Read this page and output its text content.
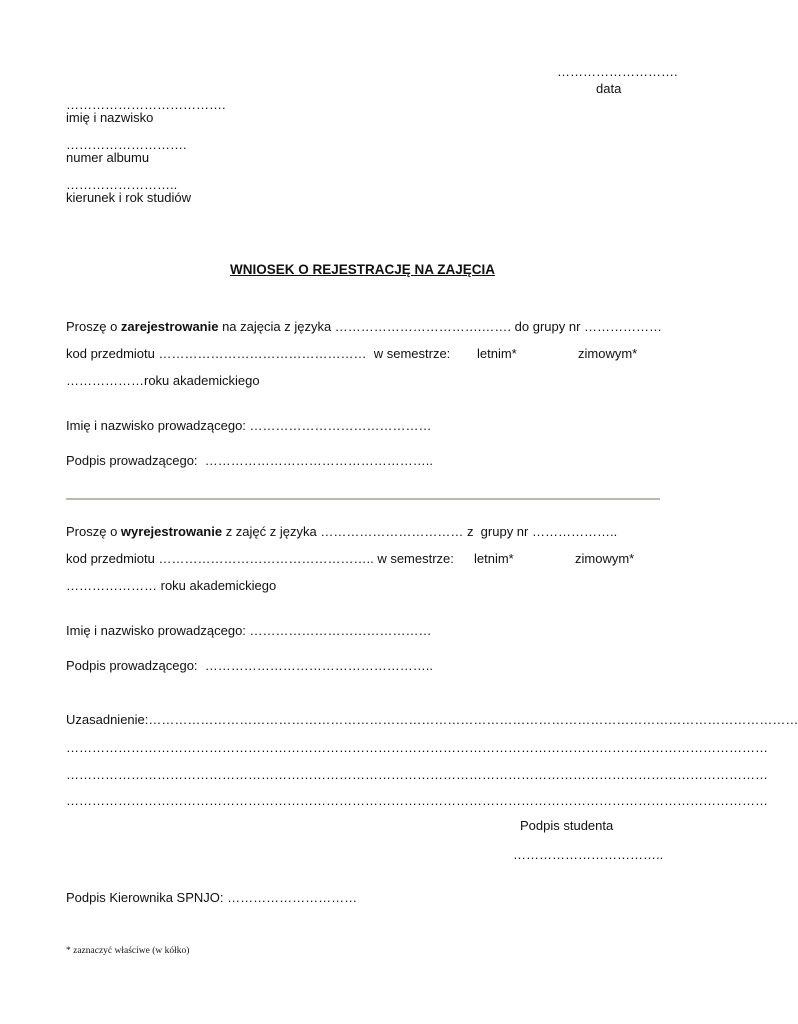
……………………….
data
……………………………….
imię i nazwisko
……………………….
numer albumu
……………………..
kierunek i rok studiów
WNIOSEK O REJESTRACJĘ NA ZAJĘCIA
Proszę o zarejestrowanie na zajęcia z języka …………………………….……. do grupy nr ………………
kod przedmiotu …………………………………………  w semestrze: letnim*	zimowym*
………………roku akademickiego
Imię i nazwisko prowadzącego: ……………………………………
Podpis prowadzącego:  ……………………………………………..
Proszę o wyrejestrowanie z zajęć z języka …………………………… z  grupy nr ………………..
kod przedmiotu ………………………………………….. w semestrze: letnim*	zimowym*
………………… roku akademickiego
Imię i nazwisko prowadzącego: ……………………………………
Podpis prowadzącego:  ……………………………………………..
Uzasadnienie:……………………………………………………………………………………………………………………………………
………………………………………………………………………………………………………………………………………………
………………………………………………………………………………………………………………………………………………
………………………………………………………………………………………………………………………………………………
Podpis studenta
……………………………..
Podpis Kierownika SPNJO: …………………………
* zaznaczyć właściwe (w kółko)
